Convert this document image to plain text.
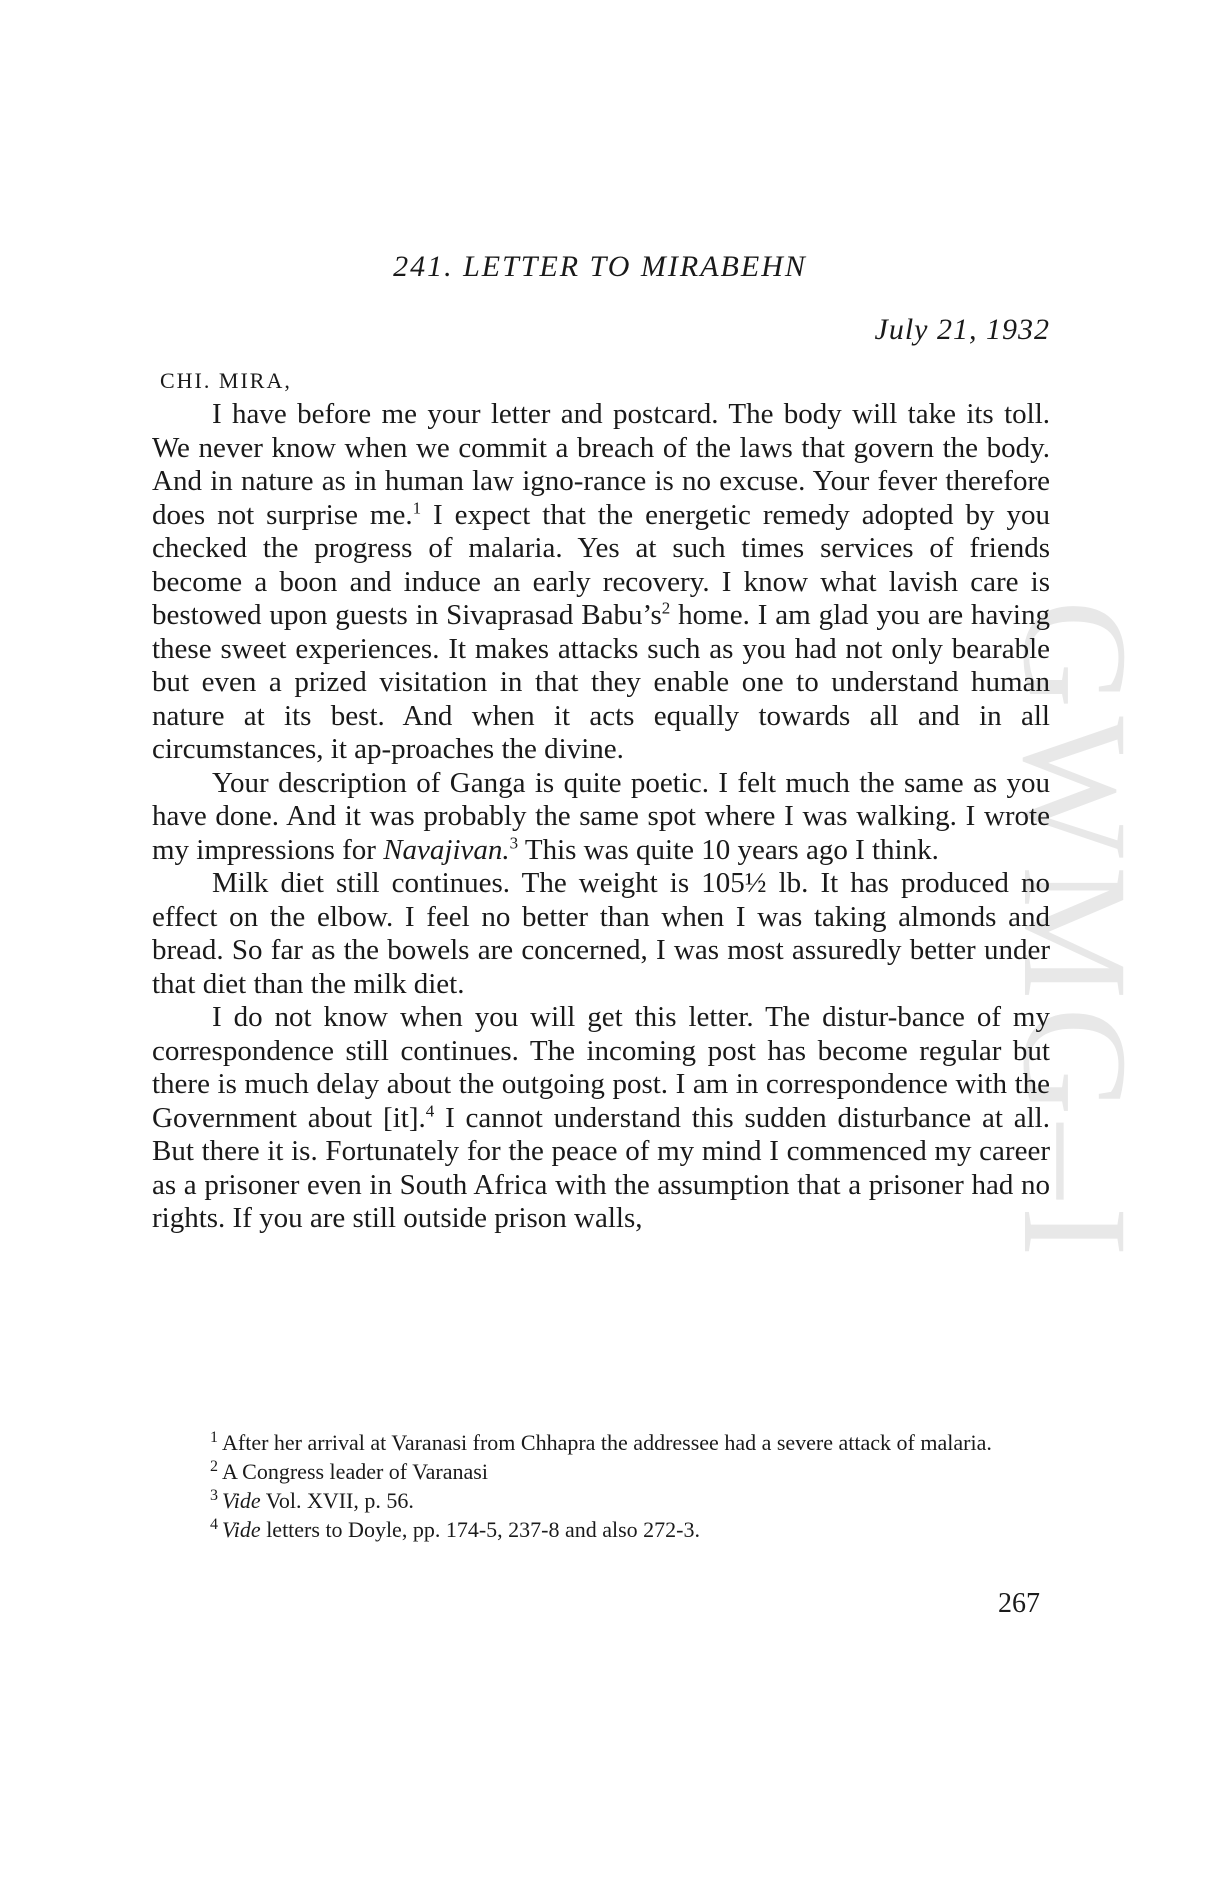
GWMG–I
241. LETTER TO MIRABEHN
July 21, 1932
CHI. MIRA,

I have before me your letter and postcard. The body will take its toll. We never know when we commit a breach of the laws that govern the body. And in nature as in human law igno-rance is no excuse. Your fever therefore does not surprise me.$^1$ I expect that the energetic remedy adopted by you checked the progress of malaria. Yes at such times services of friends become a boon and induce an early recovery. I know what lavish care is bestowed upon guests in Sivaprasad $Babu’s^2$ home. I am glad you are having these sweet experiences. It makes attacks such as you had not only bearable but even a prized visitation in that they enable one to understand human nature at its best. And when it acts equally towards all and in all circumstances, it ap-proaches the divine.

Your description of Ganga is quite poetic. I felt much the same as you have done. And it was probably the same spot where I was walking. I wrote my impressions for Navajivan.$^3$ This was quite 10 years ago I think.

Milk diet still continues. The weight is 105½ lb. It has produced no effect on the elbow. I feel no better than when I was taking almonds and bread. So far as the bowels are concerned, I was most assuredly better under that diet than the milk diet.

I do not know when you will get this letter. The distur-bance of my correspondence still continues. The incoming post has become regular but there is much delay about the outgoing post. I am in correspondence with the Government about [it].$^4$ I cannot understand this sudden disturbance at all. But there it is. Fortunately for the peace of my mind I commenced my career as a prisoner even in South Africa with the assumption that a prisoner had no rights. If you are still outside prison walls,

$^1$ After her arrival at Varanasi from Chhapra the addressee had a severe attack of malaria.

$^2$ A Congress leader of Varanasi

$^3$ Vide Vol. XVII, p. 56.

$^4$ Vide letters to Doyle, pp. 174-5, 237-8 and also 272-3.

267
